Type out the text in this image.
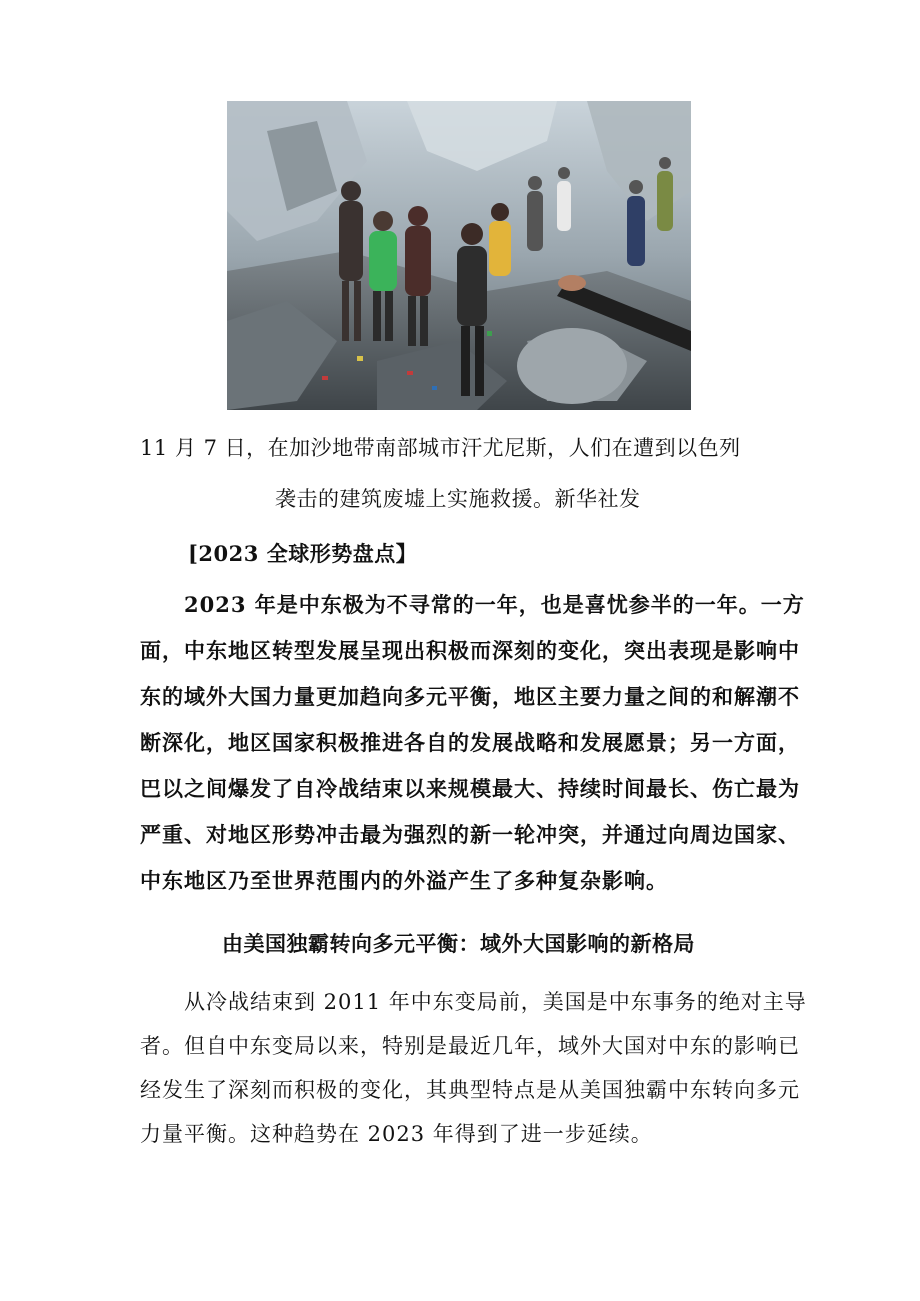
11 月 7 日，在加沙地带南部城市汗尤尼斯，人们在遭到以色列
袭击的建筑废墟上实施救援。新华社发
[2023 全球形势盘点】
　　2023 年是中东极为不寻常的一年，也是喜忧参半的一年。一方
面，中东地区转型发展呈现出积极而深刻的变化，突出表现是影响中
东的域外大国力量更加趋向多元平衡，地区主要力量之间的和解潮不
断深化，地区国家积极推进各自的发展战略和发展愿景；另一方面，
巴以之间爆发了自冷战结束以来规模最大、持续时间最长、伤亡最为
严重、对地区形势冲击最为强烈的新一轮冲突，并通过向周边国家、
中东地区乃至世界范围内的外溢产生了多种复杂影响。
由美国独霸转向多元平衡：域外大国影响的新格局
　　从冷战结束到 2011 年中东变局前，美国是中东事务的绝对主导
者。但自中东变局以来，特别是最近几年，域外大国对中东的影响已
经发生了深刻而积极的变化，其典型特点是从美国独霸中东转向多元
力量平衡。这种趋势在 2023 年得到了进一步延续。
